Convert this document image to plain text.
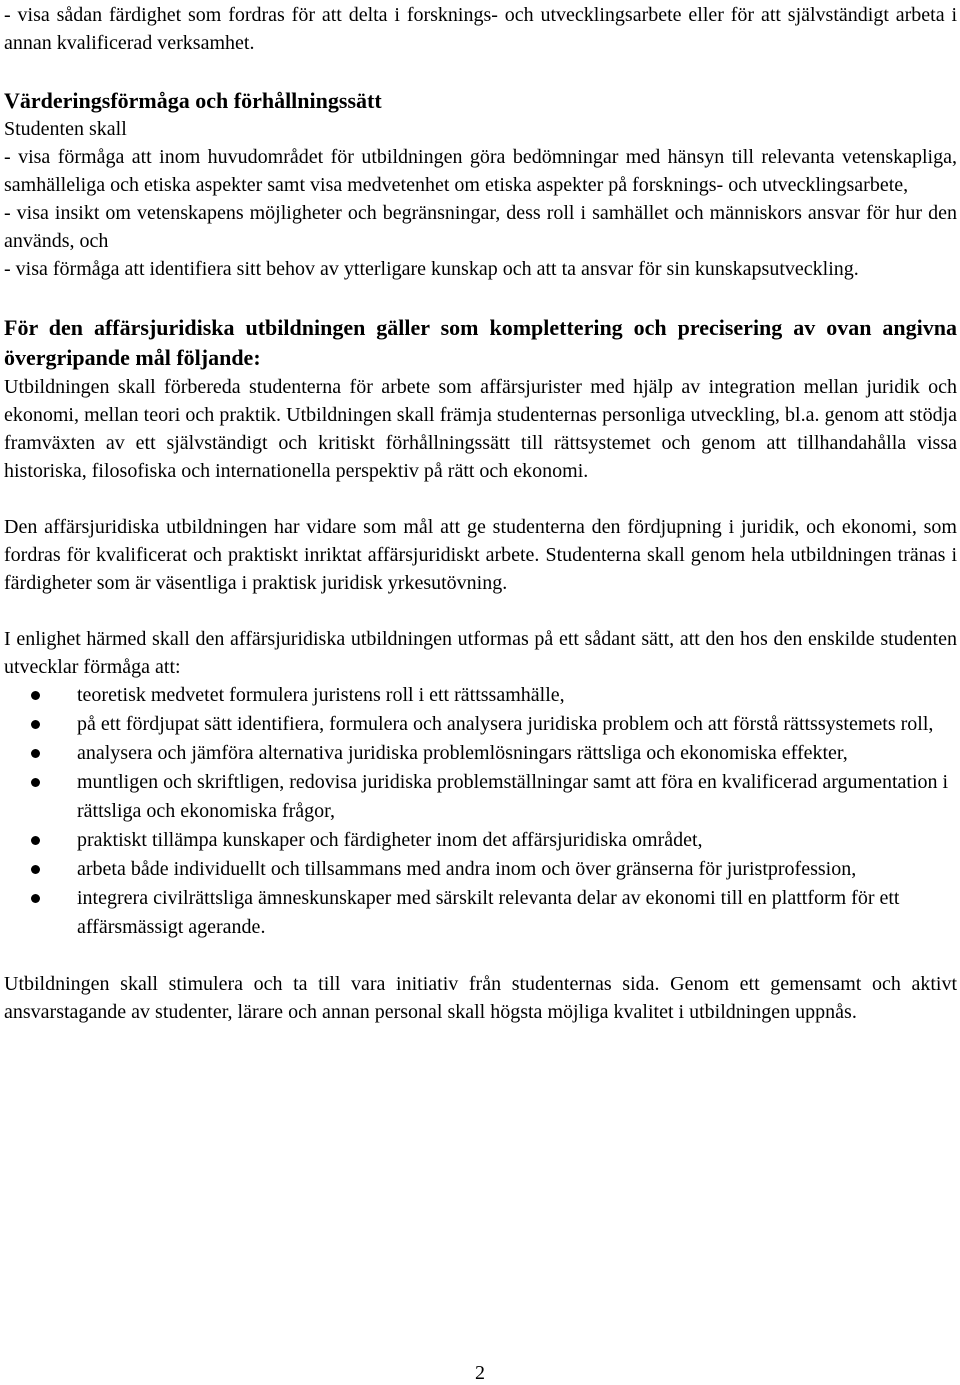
- visa sådan färdighet som fordras för att delta i forsknings- och utvecklingsarbete eller för att självständigt arbeta i annan kvalificerad verksamhet.

Värderingsförmåga och förhållningssätt

Studenten skall

- visa förmåga att inom huvudområdet för utbildningen göra bedömningar med hänsyn till relevanta vetenskapliga, samhälleliga och etiska aspekter samt visa medvetenhet om etiska aspekter på forsknings- och utvecklingsarbete,

- visa insikt om vetenskapens möjligheter och begränsningar, dess roll i samhället och människors ansvar för hur den används, och

- visa förmåga att identifiera sitt behov av ytterligare kunskap och att ta ansvar för sin kunskapsutveckling.

För den affärsjuridiska utbildningen gäller som komplettering och precisering av ovan angivna övergripande mål följande:

Utbildningen skall förbereda studenterna för arbete som affärsjurister med hjälp av integration mellan juridik och ekonomi, mellan teori och praktik. Utbildningen skall främja studenternas personliga utveckling, bl.a. genom att stödja framväxten av ett självständigt och kritiskt förhållningssätt till rättsystemet och genom att tillhandahålla vissa historiska, filosofiska och internationella perspektiv på rätt och ekonomi.

Den affärsjuridiska utbildningen har vidare som mål att ge studenterna den fördjupning i juridik, och ekonomi, som fordras för kvalificerat och praktiskt inriktat affärsjuridiskt arbete. Studenterna skall genom hela utbildningen tränas i färdigheter som är väsentliga i praktisk juridisk yrkesutövning.

I enlighet härmed skall den affärsjuridiska utbildningen utformas på ett sådant sätt, att den hos den enskilde studenten utvecklar förmåga att:

teoretisk medvetet formulera juristens roll i ett rättssamhälle,
på ett fördjupat sätt identifiera, formulera och analysera juridiska problem och att förstå rättssystemets roll,
analysera och jämföra alternativa juridiska problemlösningars rättsliga och ekonomiska effekter,
muntligen och skriftligen, redovisa juridiska problemställningar samt att föra en kvalificerad argumentation i rättsliga och ekonomiska frågor,
praktiskt tillämpa kunskaper och färdigheter inom det affärsjuridiska området,
arbeta både individuellt och tillsammans med andra inom och över gränserna för juristprofession,
integrera civilrättsliga ämneskunskaper med särskilt relevanta delar av ekonomi till en plattform för ett affärsmässigt agerande.

Utbildningen skall stimulera och ta till vara initiativ från studenternas sida. Genom ett gemensamt och aktivt ansvarstagande av studenter, lärare och annan personal skall högsta möjliga kvalitet i utbildningen uppnås.

2
